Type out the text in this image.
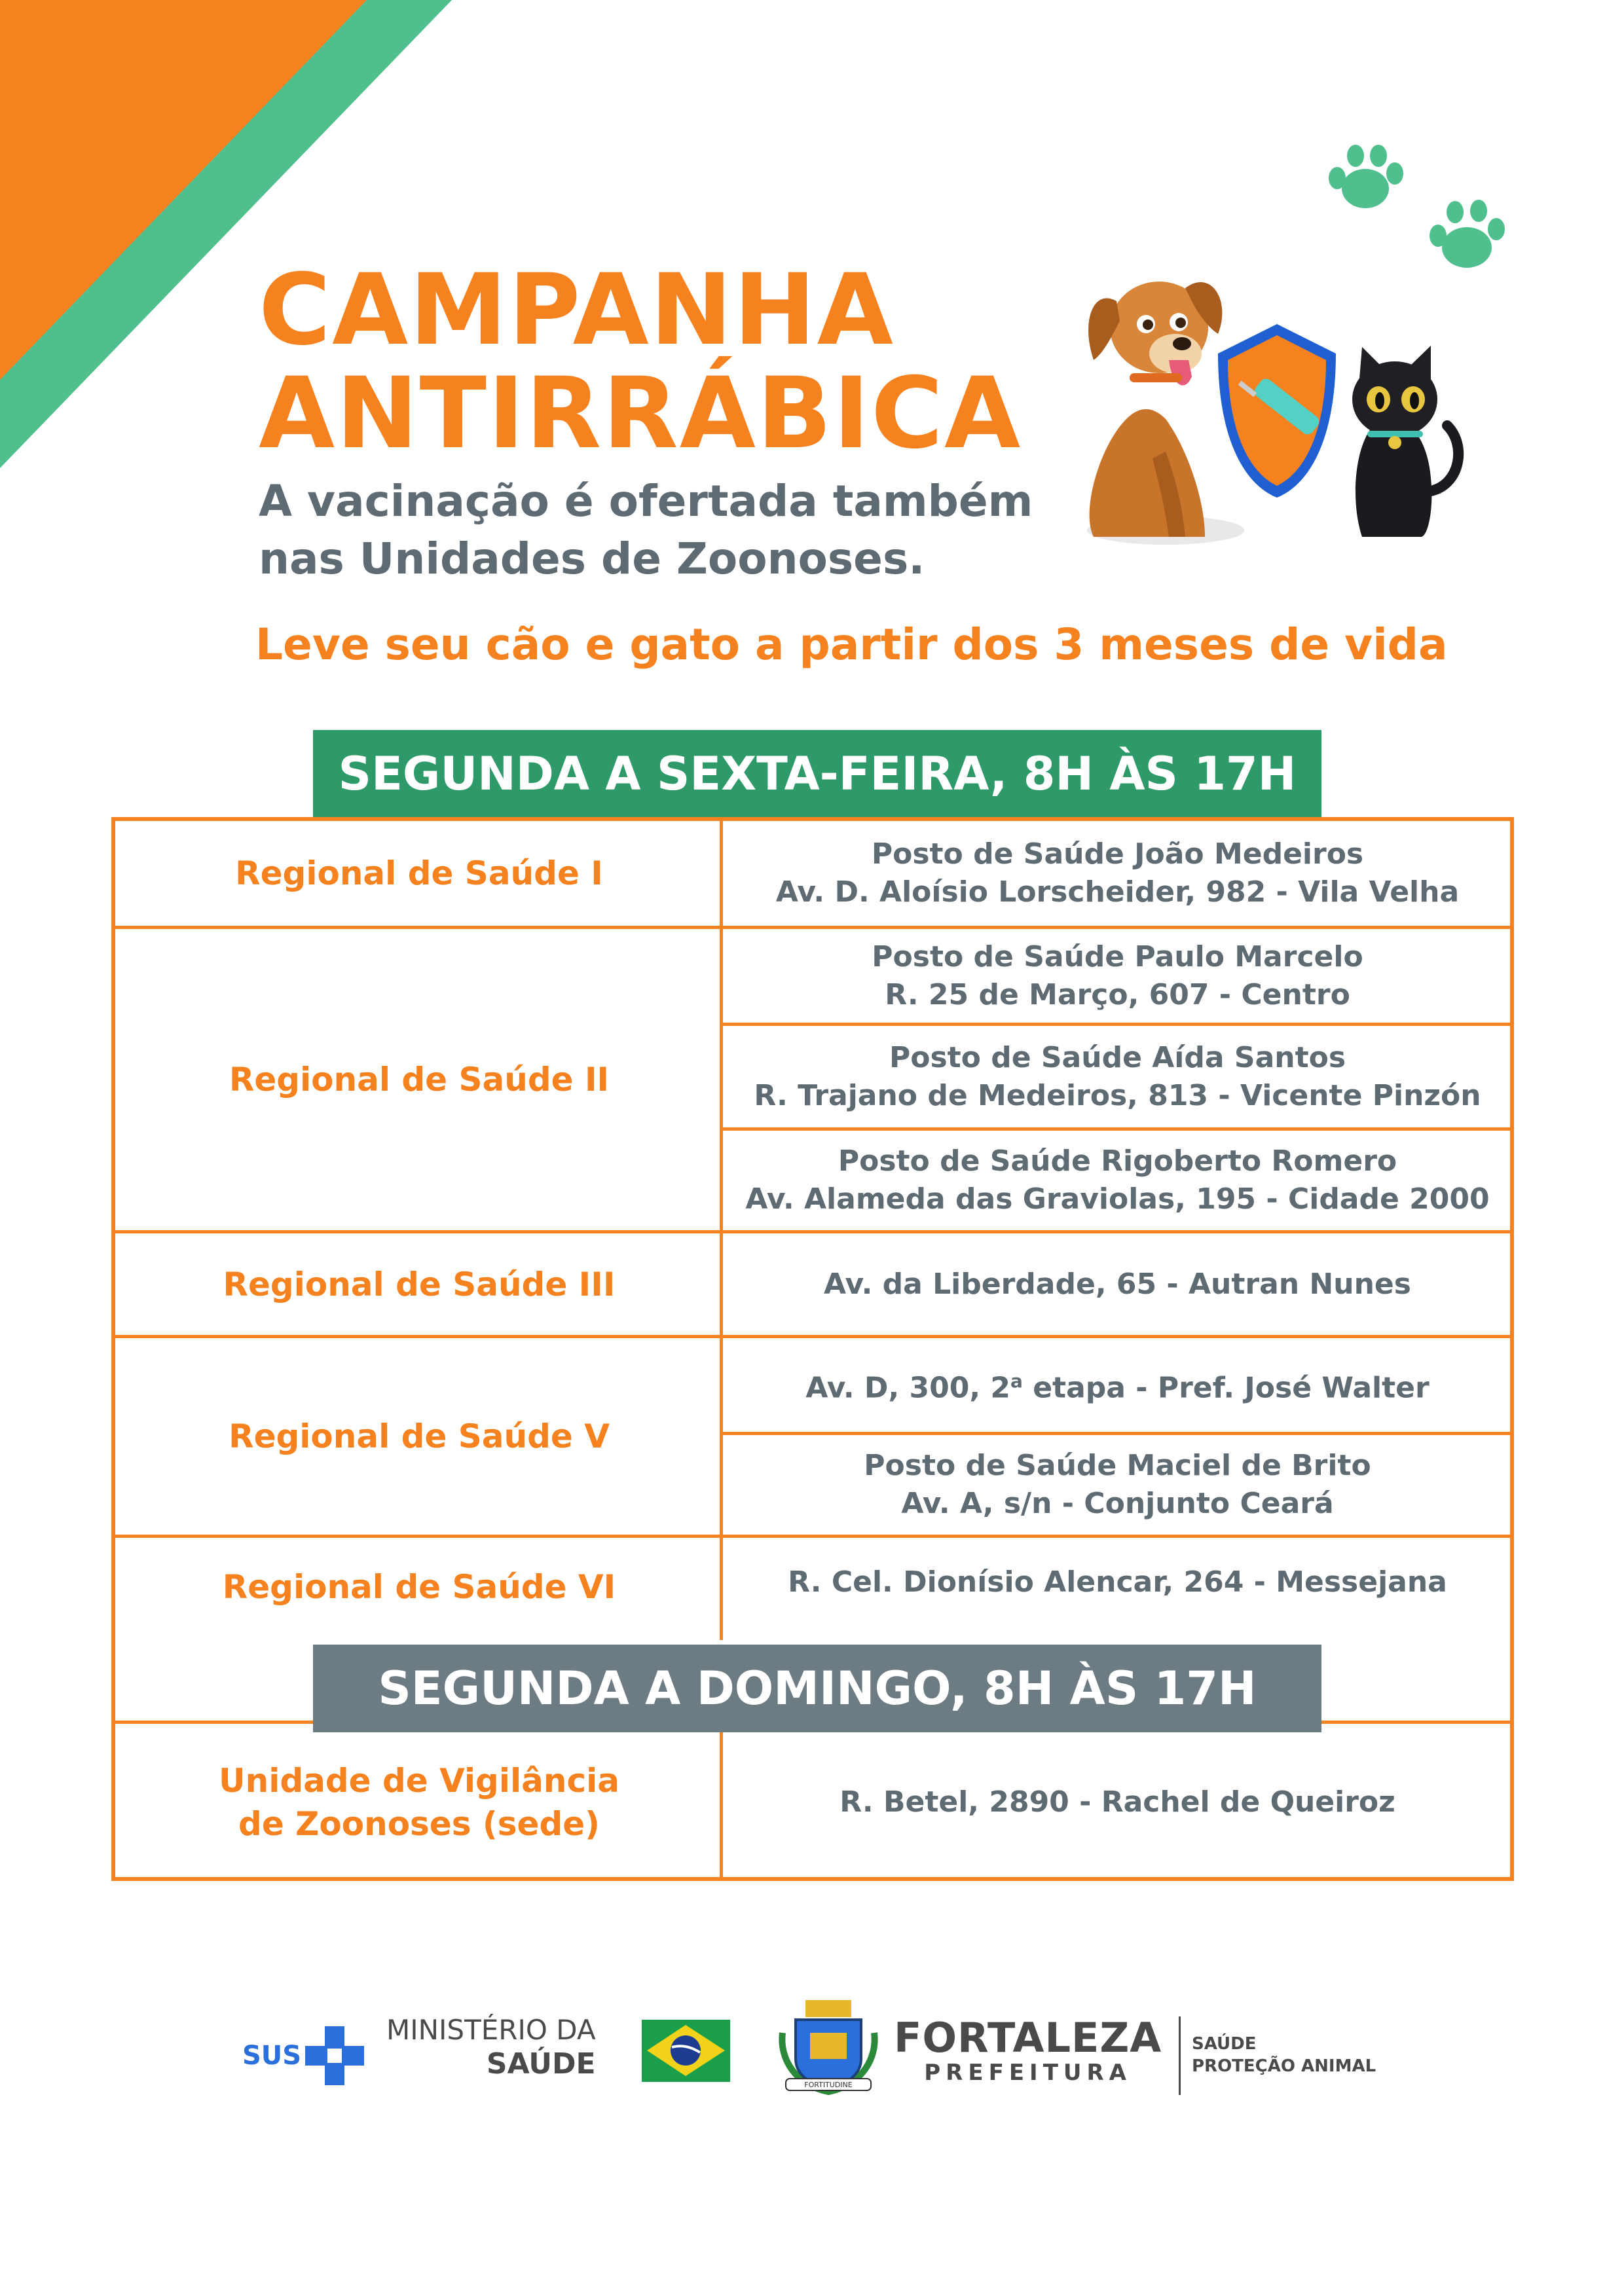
CAMPANHA
ANTIRRÁBICA
A vacinação é ofertada também
nas Unidades de Zoonoses.
Leve seu cão e gato a partir dos 3 meses de vida
SEGUNDA A SEXTA-FEIRA, 8H ÀS 17H
Regional de Saúde I
Posto de Saúde João Medeiros
Av. D. Aloísio Lorscheider, 982 - Vila Velha
Regional de Saúde II
Posto de Saúde Paulo Marcelo
R. 25 de Março, 607 - Centro
Posto de Saúde Aída Santos
R. Trajano de Medeiros, 813 - Vicente Pinzón
Posto de Saúde Rigoberto Romero
Av. Alameda das Graviolas, 195 - Cidade 2000
Regional de Saúde III	Av. da Liberdade, 65 - Autran Nunes
Regional de Saúde V
Av. D, 300, 2$^a$ etapa - Pref. José Walter
Posto de Saúde Maciel de Brito
Av. A, s/n - Conjunto Ceará
Regional de Saúde VI	R. Cel. Dionísio Alencar, 264 - Messejana
Unidade de Vigilância
de Zoonoses (sede)
R. Betel, 2890 - Rachel de Queiroz
SEGUNDA A DOMINGO, 8H ÀS 17H
SUS
MINISTÉRIO DA
SAÚDE
FORTITUDINE
FORTALEZA
PREFEITURA
SAÚDE
PROTEÇÃO ANIMAL
